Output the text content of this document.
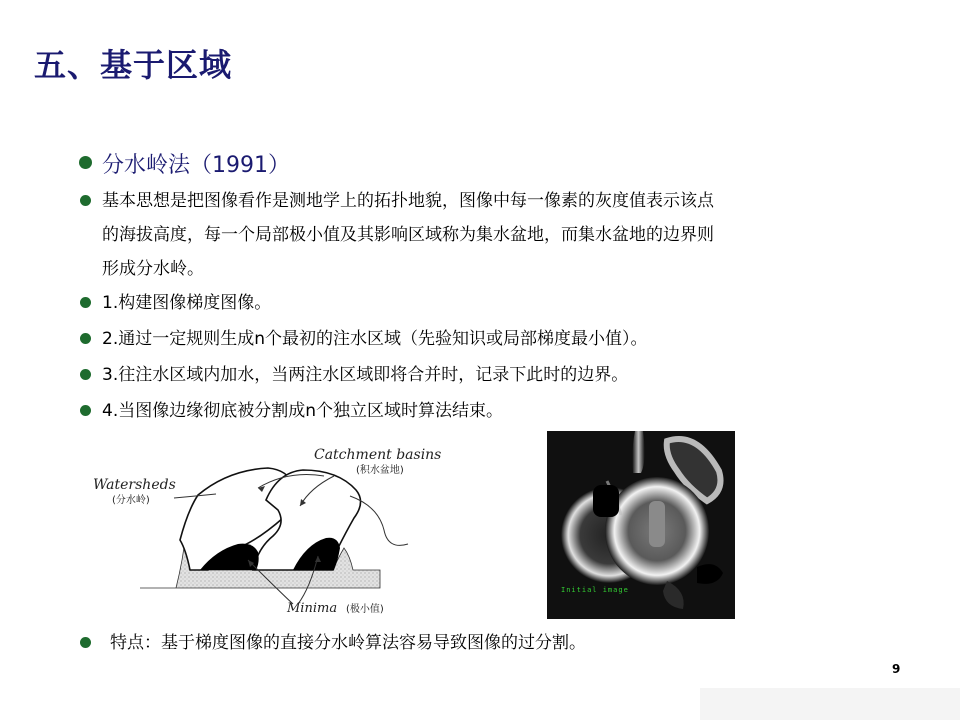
五、基于区域
分水岭法（1991）
基本思想是把图像看作是测地学上的拓扑地貌，图像中每一像素的灰度值表示该点
的海拔高度，每一个局部极小值及其影响区域称为集水盆地，而集水盆地的边界则
形成分水岭。
1.构建图像梯度图像。
2.通过一定规则生成n个最初的注水区域（先验知识或局部梯度最小值）。
3.往注水区域内加水，当两注水区域即将合并时，记录下此时的边界。
4.当图像边缘彻底被分割成n个独立区域时算法结束。
Catchment basins
(积水盆地)
Watersheds
(分水岭)
Minima (极小值)
Initial image
特点：基于梯度图像的直接分水岭算法容易导致图像的过分割。
9
